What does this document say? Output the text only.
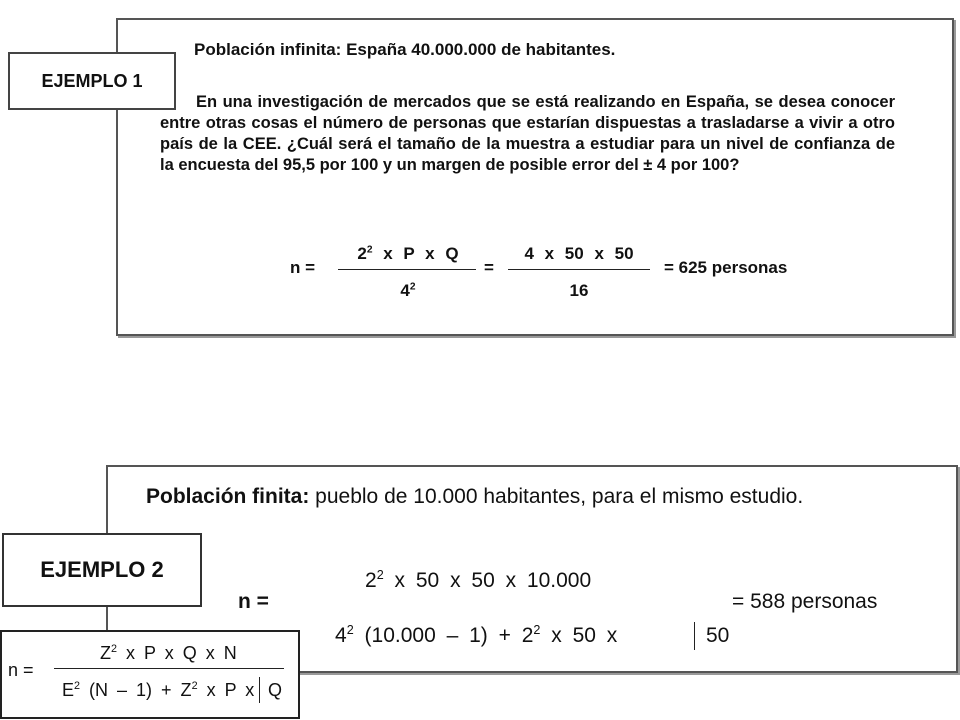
EJEMPLO 1
Población infinita: España 40.000.000 de habitantes.
En una investigación de mercados que se está realizando en España, se desea conocer entre otras cosas el número de personas que estarían dispuestas a trasladarse a vivir a otro país de la CEE. ¿Cuál será el tamaño de la muestra a estudiar para un nivel de confianza de la encuesta del 95,5 por 100 y un margen de posible error del ± 4 por 100?
n =
$2^2$ x P x Q
$4^2$
=
4 x 50 x 50
16
= 625 personas
EJEMPLO 2
Población finita: pueblo de 10.000 habitantes, para el mismo estudio.
n =
$2^2$ x 50 x 50 x 10.000
$4^2$ $(10.000 - 1) + 2^2$ x 50 x	50
= 588 personas
n =
$Z^2$ x P x Q x N
$E^2$ $(N - 1) + Z^2$ x P x Q
